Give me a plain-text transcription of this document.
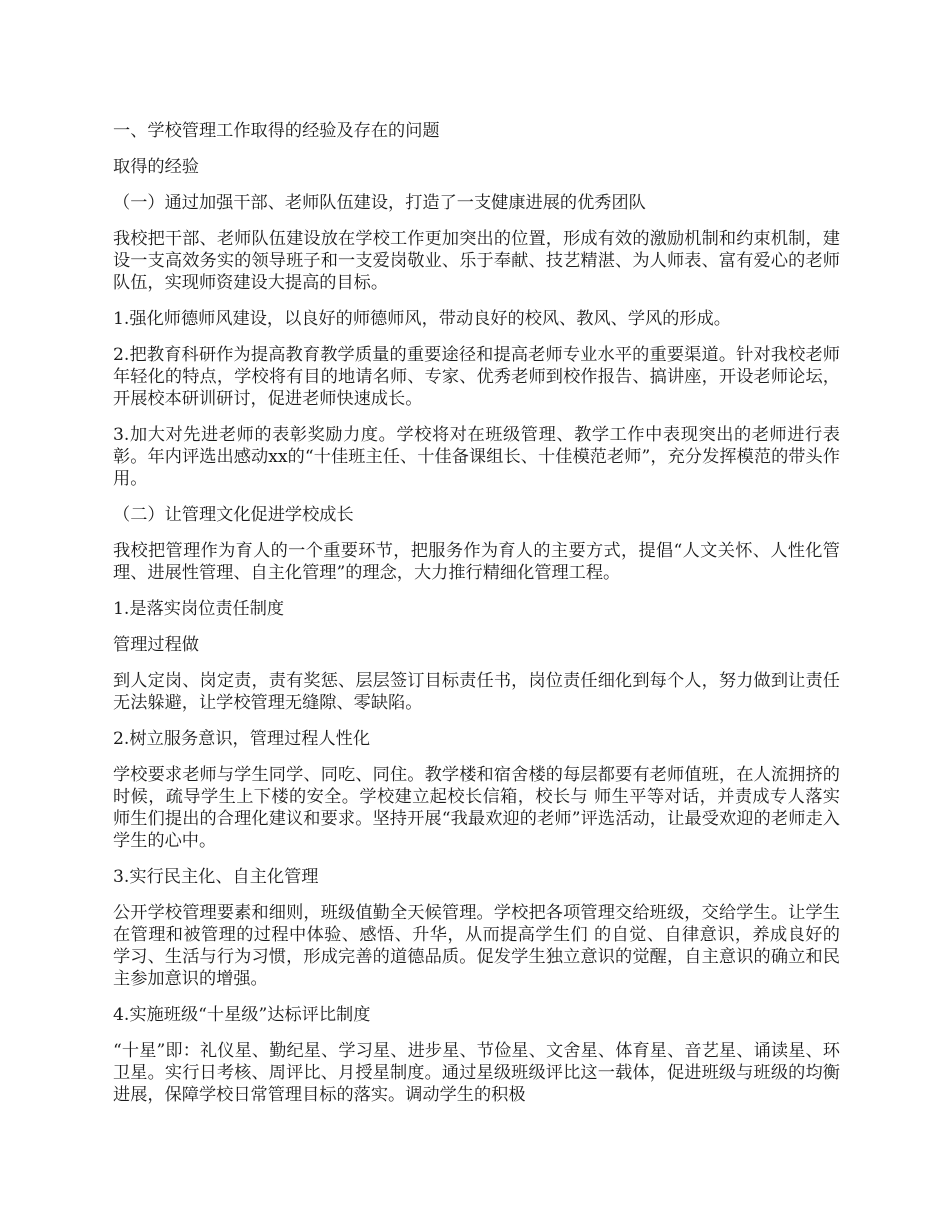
一、学校管理工作取得的经验及存在的问题

取得的经验

（一）通过加强干部、老师队伍建设，打造了一支健康进展的优秀团队

我校把干部、老师队伍建设放在学校工作更加突出的位置，形成有效的激励机制和约束机制，建设一支高效务实的领导班子和一支爱岗敬业、乐于奉献、技艺精湛、为人师表、富有爱心的老师队伍，实现师资建设大提高的目标。

1.强化师德师风建设，以良好的师德师风，带动良好的校风、教风、学风的形成。

2.把教育科研作为提高教育教学质量的重要途径和提高老师专业水平的重要渠道。针对我校老师年轻化的特点，学校将有目的地请名师、专家、优秀老师到校作报告、搞讲座，开设老师论坛，开展校本研训研讨，促进老师快速成长。

3.加大对先进老师的表彰奖励力度。学校将对在班级管理、教学工作中表现突出的老师进行表彰。年内评选出感动xx的“十佳班主任、十佳备课组长、十佳模范老师”，充分发挥模范的带头作用。

（二）让管理文化促进学校成长

我校把管理作为育人的一个重要环节，把服务作为育人的主要方式，提倡“人文关怀、人性化管理、进展性管理、自主化管理”的理念，大力推行精细化管理工程。

1.是落实岗位责任制度

管理过程做

到人定岗、岗定责，责有奖惩、层层签订目标责任书，岗位责任细化到每个人，努力做到让责任无法躲避，让学校管理无缝隙、零缺陷。

2.树立服务意识，管理过程人性化

学校要求老师与学生同学、同吃、同住。教学楼和宿舍楼的每层都要有老师值班，在人流拥挤的时候，疏导学生上下楼的安全。学校建立起校长信箱，校长与 师生平等对话，并责成专人落实师生们提出的合理化建议和要求。坚持开展“我最欢迎的老师”评选活动，让最受欢迎的老师走入学生的心中。

3.实行民主化、自主化管理

公开学校管理要素和细则，班级值勤全天候管理。学校把各项管理交给班级，交给学生。让学生在管理和被管理的过程中体验、感悟、升华，从而提高学生们 的自觉、自律意识，养成良好的学习、生活与行为习惯，形成完善的道德品质。促发学生独立意识的觉醒，自主意识的确立和民主参加意识的增强。

4.实施班级“十星级”达标评比制度

“十星”即：礼仪星、勤纪星、学习星、进步星、节俭星、文舍星、体育星、音艺星、诵读星、环卫星。实行日考核、周评比、月授星制度。通过星级班级评比这一载体，促进班级与班级的均衡进展，保障学校日常管理目标的落实。调动学生的积极
